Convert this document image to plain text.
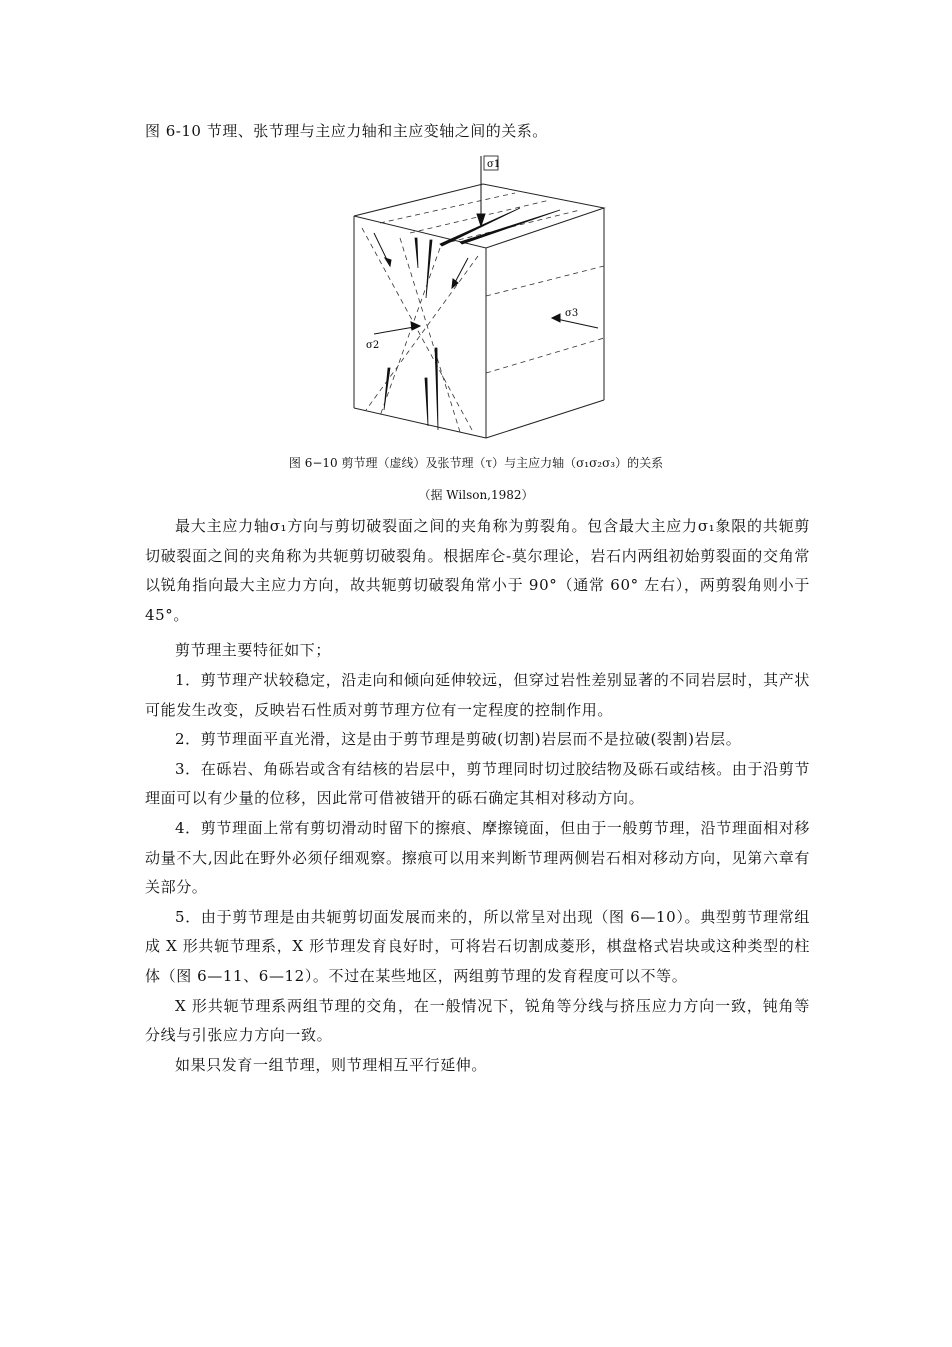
图 6-10 节理、张节理与主应力轴和主应变轴之间的关系。
σ1
σ2
σ3
图 6−10 剪节理（虚线）及张节理（τ）与主应力轴（σ₁σ₂σ₃）的关系
（据 Wilson,1982）

最大主应力轴σ₁方向与剪切破裂面之间的夹角称为剪裂角。包含最大主应力σ₁象限的共轭剪切破裂面之间的夹角称为共轭剪切破裂角。根据库仑-莫尔理论，岩石内两组初始剪裂面的交角常以锐角指向最大主应力方向，故共轭剪切破裂角常小于 90°（通常 60° 左右），两剪裂角则小于 45°。

剪节理主要特征如下；

1．剪节理产状较稳定，沿走向和倾向延伸较远，但穿过岩性差别显著的不同岩层时，其产状可能发生改变，反映岩石性质对剪节理方位有一定程度的控制作用。

2．剪节理面平直光滑，这是由于剪节理是剪破(切割)岩层而不是拉破(裂割)岩层。

3．在砾岩、角砾岩或含有结核的岩层中，剪节理同时切过胶结物及砾石或结核。由于沿剪节理面可以有少量的位移，因此常可借被错开的砾石确定其相对移动方向。

4．剪节理面上常有剪切滑动时留下的擦痕、摩擦镜面，但由于一般剪节理，沿节理面相对移动量不大,因此在野外必须仔细观察。擦痕可以用来判断节理两侧岩石相对移动方向，见第六章有关部分。

5．由于剪节理是由共轭剪切面发展而来的，所以常呈对出现（图 6—10）。典型剪节理常组成 X 形共轭节理系，X 形节理发育良好时，可将岩石切割成菱形，棋盘格式岩块或这种类型的柱体（图 6—11、6—12）。不过在某些地区，两组剪节理的发育程度可以不等。

X 形共轭节理系两组节理的交角，在一般情况下，锐角等分线与挤压应力方向一致，钝角等分线与引张应力方向一致。

如果只发育一组节理，则节理相互平行延伸。
